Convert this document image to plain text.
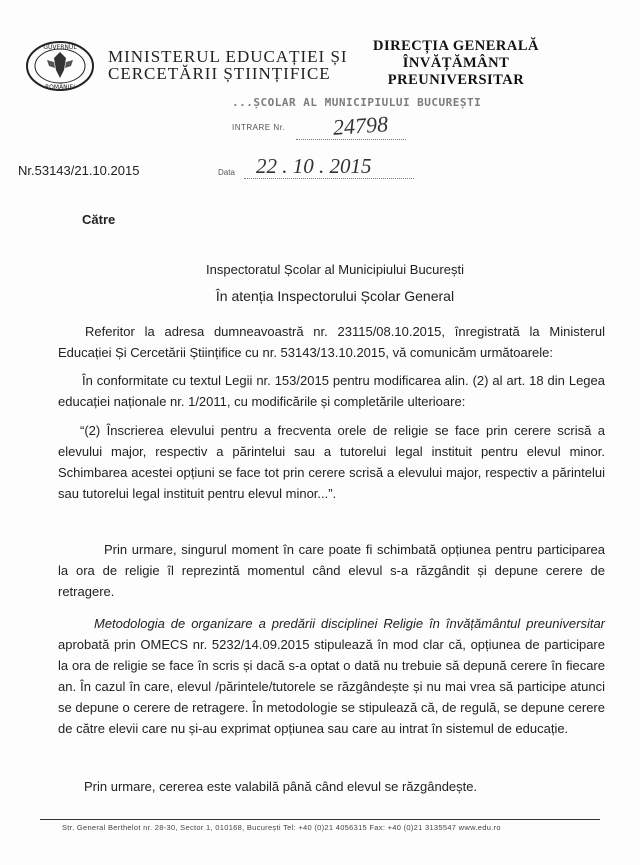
GUVERNUL
ROMÂNIEI
MINISTERUL EDUCAȚIEI ȘI
CERCETĂRII ȘTIINȚIFICE
DIRECȚIA GENERALĂ
ÎNVĂȚĂMÂNT
PREUNIVERSITAR
...ȘCOLAR AL MUNICIPIULUI BUCUREȘTI
INTRARE Nr. 24798
Nr.53143/21.10.2015	Data 22 . 10 . 2015
Către
Inspectoratul Școlar al Municipiului București
În atenția Inspectorului Școlar General
Referitor la adresa dumneavoastră nr. 23115/08.10.2015, înregistrată la Ministerul Educației Și Cercetării Științifice cu nr. 53143/13.10.2015, vă comunicăm următoarele:
În conformitate cu textul Legii nr. 153/2015 pentru modificarea alin. (2) al art. 18 din Legea educației naționale nr. 1/2011, cu modificările și completările ulterioare:
“(2) Înscrierea elevului pentru a frecventa orele de religie se face prin cerere scrisă a elevului major, respectiv a părintelui sau a tutorelui legal instituit pentru elevul minor. Schimbarea acestei opțiuni se face tot prin cerere scrisă a elevului major, respectiv a părintelui sau tutorelui legal instituit pentru elevul minor...”.
Prin urmare, singurul moment în care poate fi schimbată opțiunea pentru participarea la ora de religie îl reprezintă momentul când elevul s-a răzgândit și depune cerere de retragere.
Metodologia de organizare a predării disciplinei Religie în învățământul preuniversitar aprobată prin OMECS nr. 5232/14.09.2015 stipulează în mod clar că, opțiunea de participare la ora de religie se face în scris și dacă s-a optat o dată nu trebuie să depună cerere în fiecare an. În cazul în care, elevul /părintele/tutorele se răzgândește și nu mai vrea să participe atunci se depune o cerere de retragere. În metodologie se stipulează că, de regulă, se depune cerere de către elevii care nu și-au exprimat opțiunea sau care au intrat în sistemul de educație.
Prin urmare, cererea este valabilă până când elevul se răzgândește.
Str. General Berthelot nr. 28-30, Sector 1, 010168, București Tel: +40 (0)21 4056315 Fax: +40 (0)21 3135547 www.edu.ro
